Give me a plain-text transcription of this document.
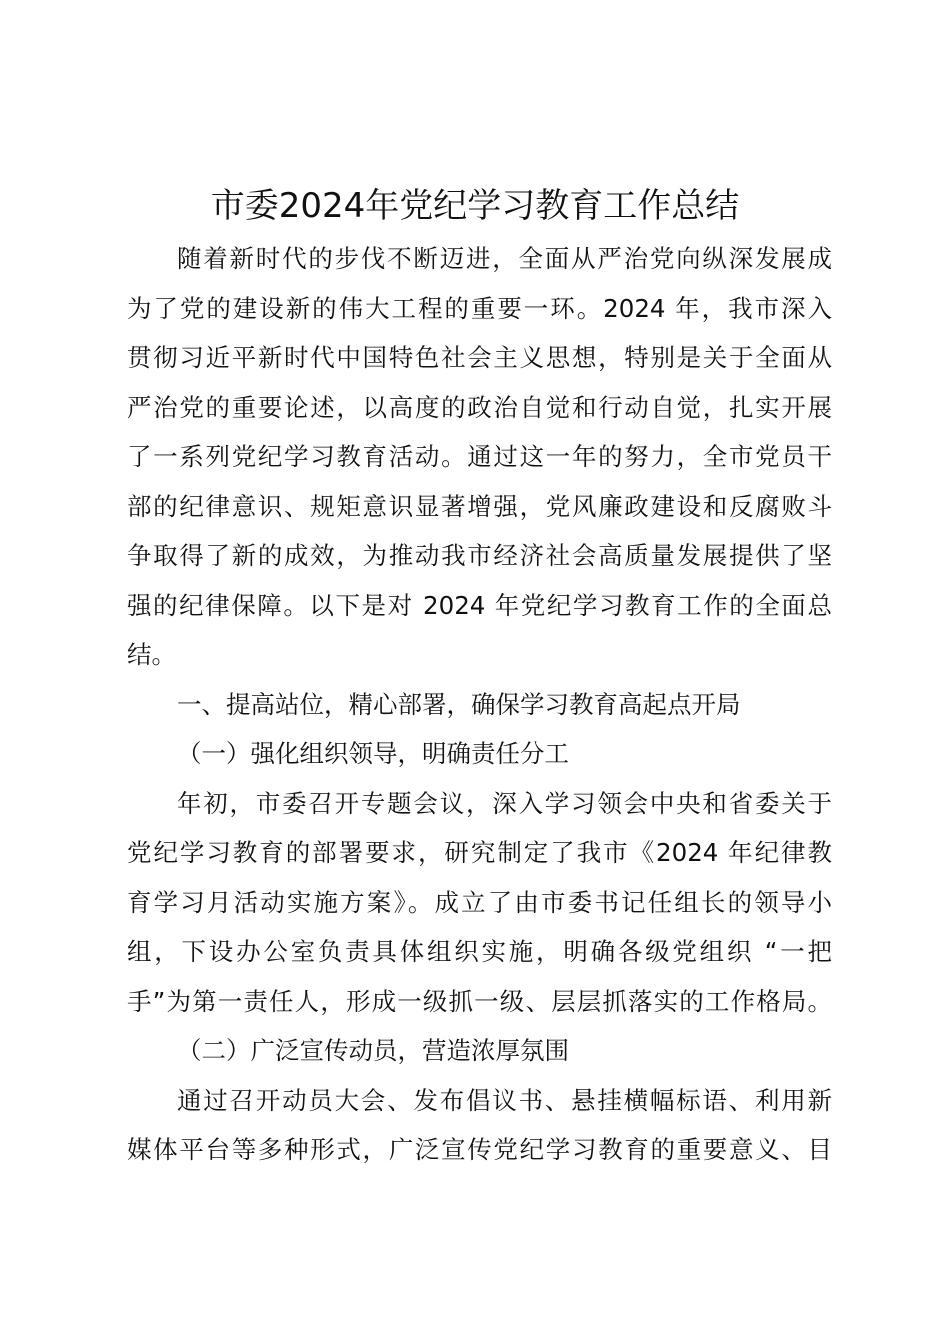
市委2024年党纪学习教育工作总结
随着新时代的步伐不断迈进，全面从严治党向纵深发展成
为了党的建设新的伟大工程的重要一环。2024 年，我市深入
贯彻习近平新时代中国特色社会主义思想，特别是关于全面从
严治党的重要论述，以高度的政治自觉和行动自觉，扎实开展
了一系列党纪学习教育活动。通过这一年的努力，全市党员干
部的纪律意识、规矩意识显著增强，党风廉政建设和反腐败斗
争取得了新的成效，为推动我市经济社会高质量发展提供了坚
强的纪律保障。以下是对 2024 年党纪学习教育工作的全面总
结。
一、提高站位，精心部署，确保学习教育高起点开局
（一）强化组织领导，明确责任分工
年初，市委召开专题会议，深入学习领会中央和省委关于
党纪学习教育的部署要求，研究制定了我市《2024 年纪律教
育学习月活动实施方案》。成立了由市委书记任组长的领导小
组，下设办公室负责具体组织实施，明确各级党组织 “一把
手”为第一责任人，形成一级抓一级、层层抓落实的工作格局。
（二）广泛宣传动员，营造浓厚氛围
通过召开动员大会、发布倡议书、悬挂横幅标语、利用新
媒体平台等多种形式，广泛宣传党纪学习教育的重要意义、目
